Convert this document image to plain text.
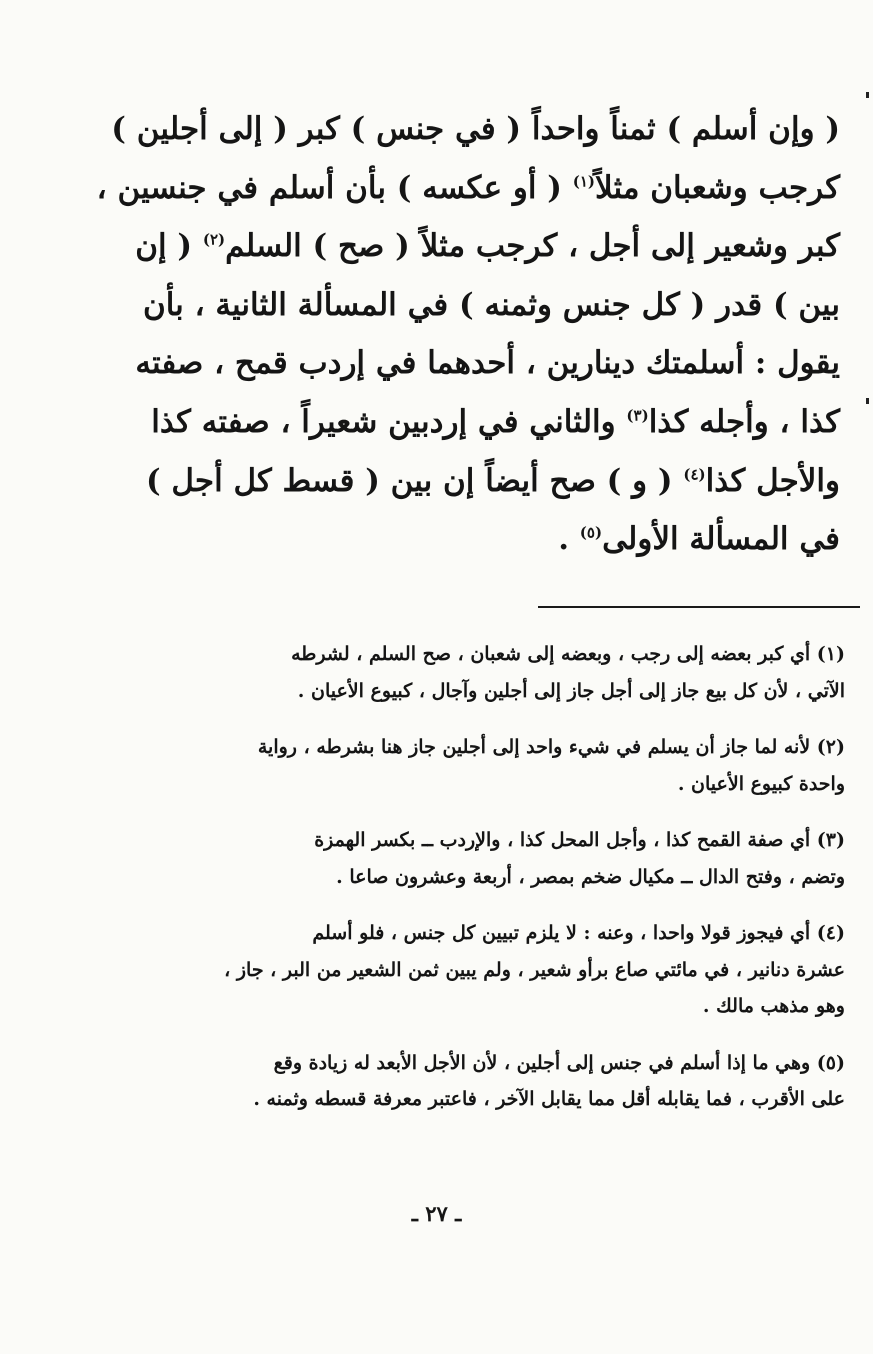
( وإن أسلم ) ثمناً واحداً ( في جنس ) كبر ( إلى أجلين )
كرجب وشعبان مثلاً$^{(١)}$ ( أو عكسه ) بأن أسلم في جنسين ،
كبر وشعير إلى أجل ، كرجب مثلاً ( صح ) السلم$^{(٢)}$ ( إن
بين ) قدر ( كل جنس وثمنه ) في المسألة الثانية ، بأن
يقول : أسلمتك دينارين ، أحدهما في إردب قمح ، صفته
كذا ، وأجله كذا$^{(٣)}$ والثاني في إردبين شعيراً ، صفته كذا
والأجل كذا$^{(٤)}$ ( و ) صح أيضاً إن بين ( قسط كل أجل )
في المسألة الأولى$^{(٥)}$ .
(١) أي كبر بعضه إلى رجب ، وبعضه إلى شعبان ، صح السلم ، لشرطه
الآتي ، لأن كل بيع جاز إلى أجل جاز إلى أجلين وآجال ، كبيوع الأعيان .
(٢) لأنه لما جاز أن يسلم في شيء واحد إلى أجلين جاز هنا بشرطه ، رواية
واحدة كبيوع الأعيان .
(٣) أي صفة القمح كذا ، وأجل المحل كذا ، والإردب ــ بكسر الهمزة
وتضم ، وفتح الدال ــ مكيال ضخم بمصر ، أربعة وعشرون صاعا .
(٤) أي فيجوز قولا واحدا ، وعنه : لا يلزم تبيين كل جنس ، فلو أسلم
عشرة دنانير ، في مائتي صاع برأو شعير ، ولم يبين ثمن الشعير من البر ، جاز ،
وهو مذهب مالك .
(٥) وهي ما إذا أسلم في جنس إلى أجلين ، لأن الأجل الأبعد له زيادة وقع
على الأقرب ، فما يقابله أقل مما يقابل الآخر ، فاعتبر معرفة قسطه وثمنه .
ـ ٢٧ ـ
